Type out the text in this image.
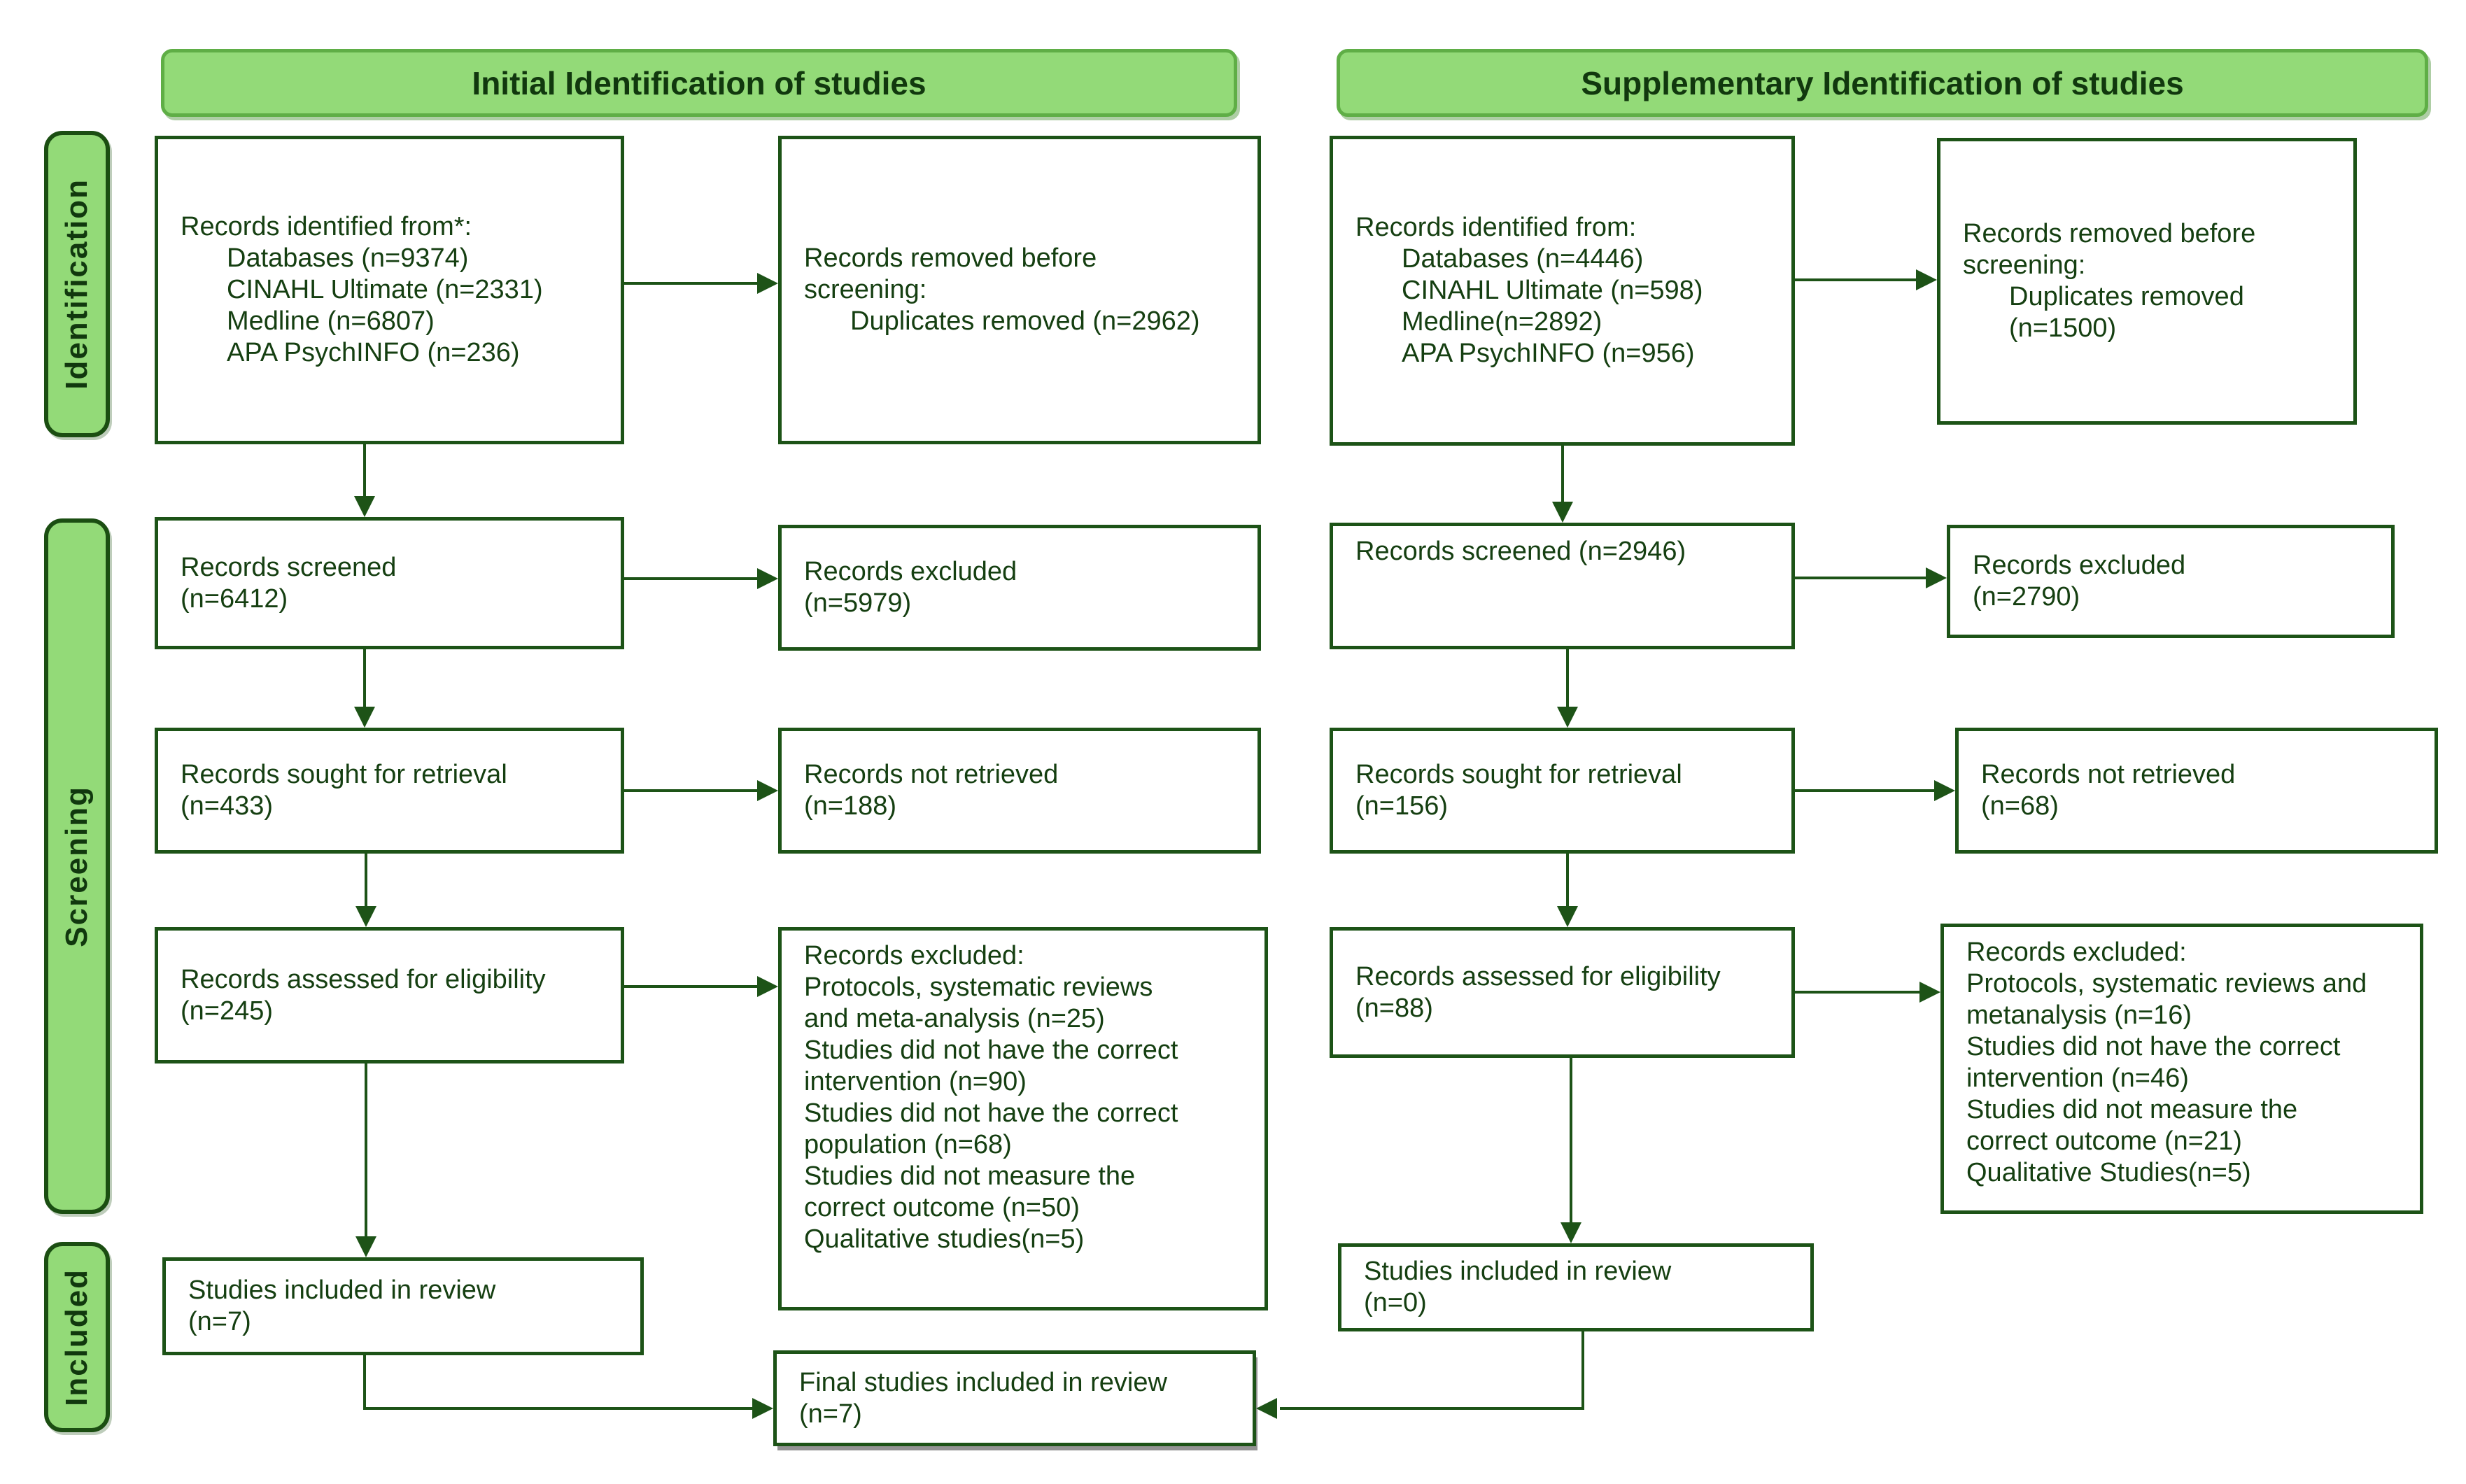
Initial Identification of studies	Supplementary Identification of studies
Identification
Screening
Included
Records identified from*:
Databases (n=9374)
CINAHL Ultimate (n=2331)
Medline (n=6807)
APA PsychINFO (n=236)
Records removed before
screening:
Duplicates removed (n=2962)
Records screened
(n=6412)
Records excluded
(n=5979)
Records sought for retrieval
(n=433)
Records not retrieved
(n=188)
Records assessed for eligibility
(n=245)
Records excluded:
Protocols, systematic reviews
and meta-analysis (n=25)
Studies did not have the correct
intervention (n=90)
Studies did not have the correct
population (n=68)
Studies did not measure the
correct outcome (n=50)
Qualitative studies(n=5)
Studies included in review
(n=7)
Records identified from:
Databases (n=4446)
CINAHL Ultimate (n=598)
Medline(n=2892)
APA PsychINFO (n=956)
Records removed before
screening:
Duplicates removed
(n=1500)
Records screened (n=2946)	Records excluded
(n=2790)
Records sought for retrieval
(n=156)
Records not retrieved
(n=68)
Records assessed for eligibility
(n=88)
Records excluded:
Protocols, systematic reviews and
metanalysis (n=16)
Studies did not have the correct
intervention (n=46)
Studies did not measure the
correct outcome (n=21)
Qualitative Studies(n=5)
Studies included in review
(n=0)
Final studies included in review
(n=7)
